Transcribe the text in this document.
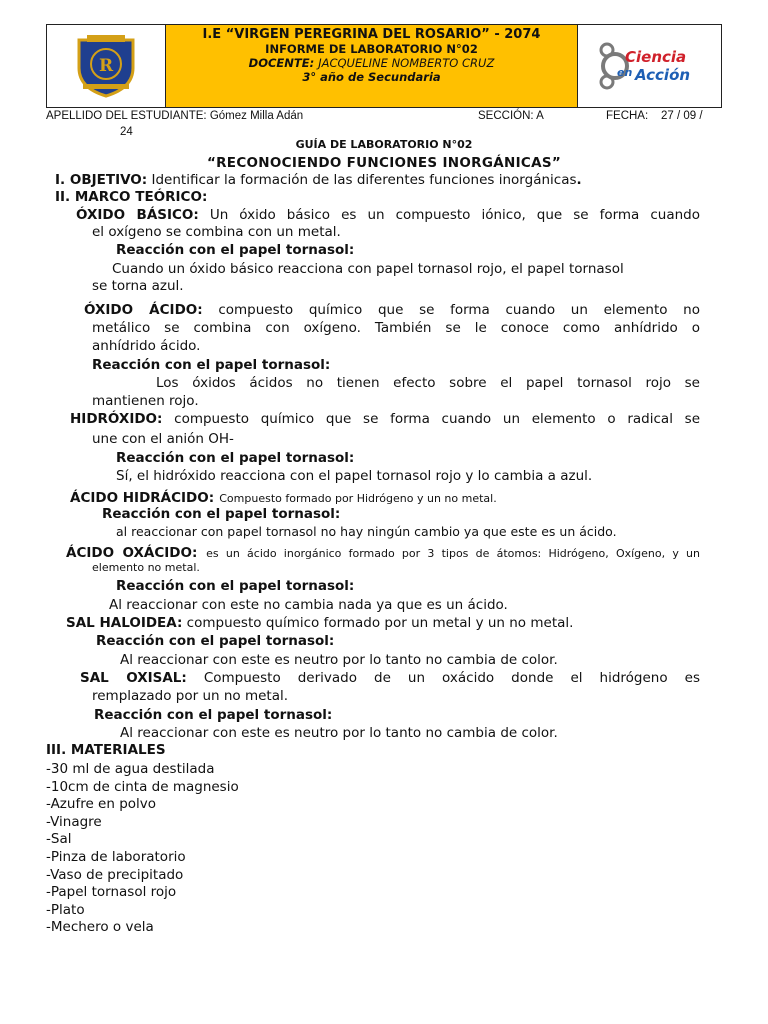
R
I.E “VIRGEN PEREGRINA DEL ROSARIO” - 2074
INFORME DE LABORATORIO N°02
DOCENTE: JACQUELINE NOMBERTO CRUZ
3° año de Secundaria
Ciencia
en Acción
APELLIDO DEL ESTUDIANTE: Gómez Milla Adán	SECCIÓN: A	FECHA: 27 / 09 /
24
GUÍA DE LABORATORIO N°02
“RECONOCIENDO FUNCIONES INORGÁNICAS”
I. OBJETIVO: Identificar la formación de las diferentes funciones inorgánicas.
II. MARCO TEÓRICO:
ÓXIDO BÁSICO: Un óxido básico es un compuesto iónico, que se forma cuando
el oxígeno se combina con un metal.
Reacción con el papel tornasol:
Cuando un óxido básico reacciona con papel tornasol rojo, el papel tornasol
se torna azul.
ÓXIDO ÁCIDO: compuesto químico que se forma cuando un elemento no
metálico se combina con oxígeno. También se le conoce como anhídrido o
anhídrido ácido.
Reacción con el papel tornasol:
Los óxidos ácidos no tienen efecto sobre el papel tornasol rojo se
mantienen rojo.
HIDRÓXIDO: compuesto químico que se forma cuando un elemento o radical se
une con el anión OH-
Reacción con el papel tornasol:
Sí, el hidróxido reacciona con el papel tornasol rojo y lo cambia a azul.
ÁCIDO HIDRÁCIDO: Compuesto formado por Hidrógeno y un no metal.
Reacción con el papel tornasol:
al reaccionar con papel tornasol no hay ningún cambio ya que este es un ácido.
ÁCIDO OXÁCIDO: es un ácido inorgánico formado por 3 tipos de átomos: Hidrógeno, Oxígeno, y un
elemento no metal.
Reacción con el papel tornasol:
Al reaccionar con este no cambia nada ya que es un ácido.
SAL HALOIDEA: compuesto químico formado por un metal y un no metal.
Reacción con el papel tornasol:
Al reaccionar con este es neutro por lo tanto no cambia de color.
SAL OXISAL: Compuesto derivado de un oxácido donde el hidrógeno es
remplazado por un no metal.
Reacción con el papel tornasol:
Al reaccionar con este es neutro por lo tanto no cambia de color.
III. MATERIALES
-30 ml de agua destilada
-10cm de cinta de magnesio
-Azufre en polvo
-Vinagre
-Sal
-Pinza de laboratorio
-Vaso de precipitado
-Papel tornasol rojo
-Plato
-Mechero o vela
